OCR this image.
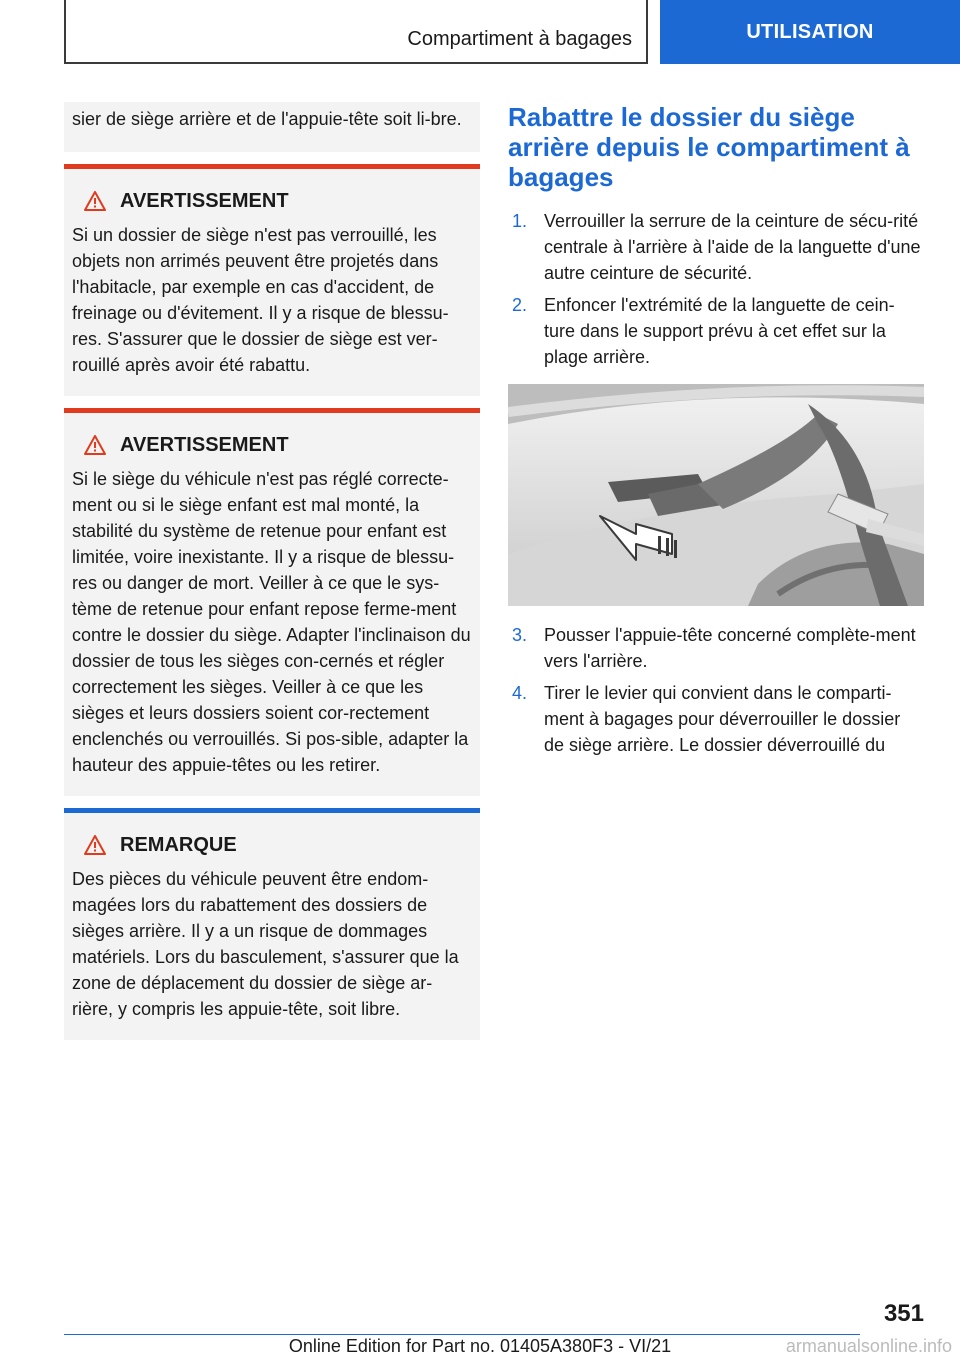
Compartiment à bagages	UTILISATION

sier de siège arrière et de l'appuie-tête soit li-bre.

AVERTISSEMENT

Si un dossier de siège n'est pas verrouillé, les objets non arrimés peuvent être projetés dans l'habitacle, par exemple en cas d'accident, de freinage ou d'évitement. Il y a risque de blessu-res. S'assurer que le dossier de siège est ver-rouillé après avoir été rabattu.

AVERTISSEMENT

Si le siège du véhicule n'est pas réglé correcte-ment ou si le siège enfant est mal monté, la stabilité du système de retenue pour enfant est limitée, voire inexistante. Il y a risque de blessu-res ou danger de mort. Veiller à ce que le sys-tème de retenue pour enfant repose ferme-ment contre le dossier du siège. Adapter l'inclinaison du dossier de tous les sièges con-cernés et régler correctement les sièges. Veiller à ce que les sièges et leurs dossiers soient cor-rectement enclenchés ou verrouillés. Si pos-sible, adapter la hauteur des appuie-têtes ou les retirer.

REMARQUE

Des pièces du véhicule peuvent être endom-magées lors du rabattement des dossiers de sièges arrière. Il y a un risque de dommages matériels. Lors du basculement, s'assurer que la zone de déplacement du dossier de siège ar-rière, y compris les appuie-tête, soit libre.

Rabattre le dossier du siège arrière depuis le compartiment à bagages
1. Verrouiller la serrure de la ceinture de sécu-rité centrale à l'arrière à l'aide de la languette d'une autre ceinture de sécurité.
2. Enfoncer l'extrémité de la languette de cein-ture dans le support prévu à cet effet sur la plage arrière.
3. Pousser l'appuie-tête concerné complète-ment vers l'arrière.
4. Tirer le levier qui convient dans le comparti-ment à bagages pour déverrouiller le dossier de siège arrière. Le dossier déverrouillé du
351
Online Edition for Part no. 01405A380F3 - VI/21	armanualsonline.info
